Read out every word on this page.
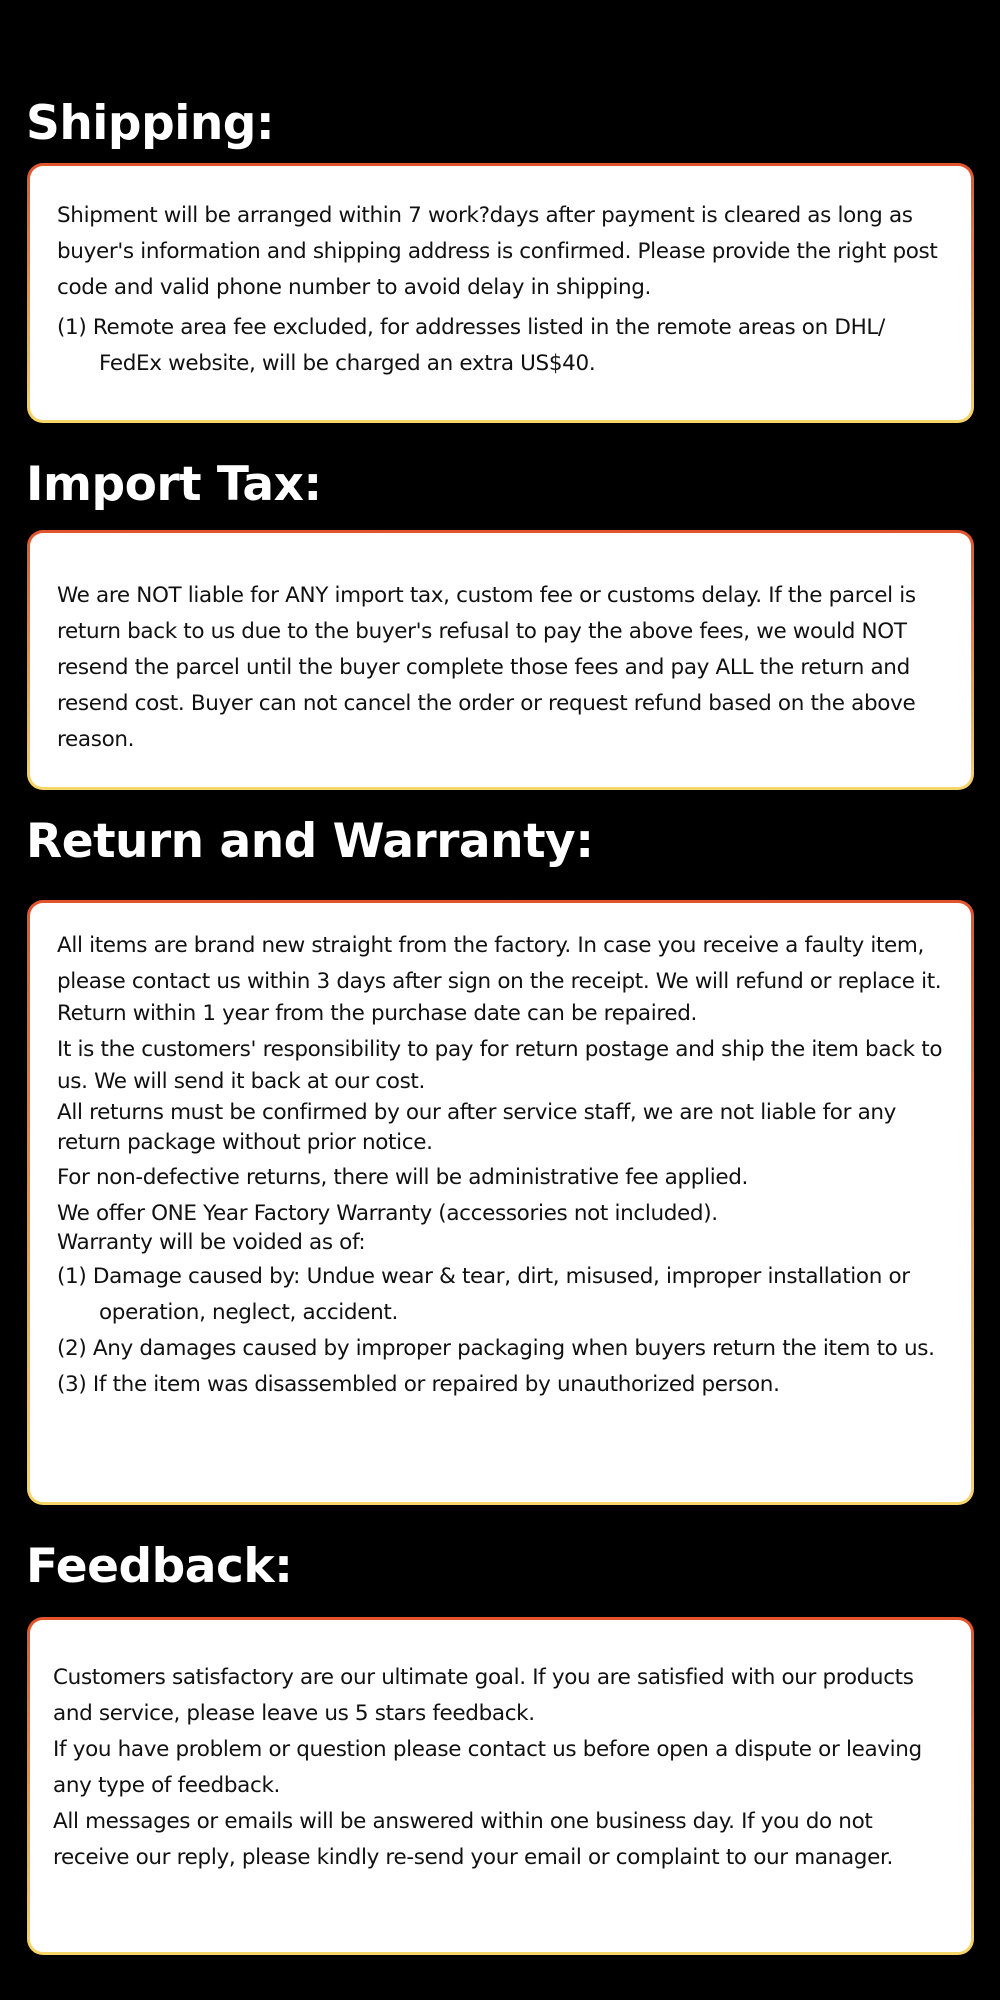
Shipping:

Shipment will be arranged within 7 work?days after payment is cleared as long as buyer's information and shipping address is confirmed. Please provide the right post code and valid phone number to avoid delay in shipping.

(1) Remote area fee excluded, for addresses listed in the remote areas on DHL/ FedEx website, will be charged an extra US$40.

Import Tax:

We are NOT liable for ANY import tax, custom fee or customs delay. If the parcel is return back to us due to the buyer's refusal to pay the above fees, we would NOT resend the parcel until the buyer complete those fees and pay ALL the return and resend cost. Buyer can not cancel the order or request refund based on the above reason.

Return and Warranty:

All items are brand new straight from the factory. In case you receive a faulty item, please contact us within 3 days after sign on the receipt. We will refund or replace it.

Return within 1 year from the purchase date can be repaired.

It is the customers' responsibility to pay for return postage and ship the item back to us. We will send it back at our cost.

All returns must be confirmed by our after service staff, we are not liable for any return package without prior notice.

For non-defective returns, there will be administrative fee applied.

We offer ONE Year Factory Warranty (accessories not included).

Warranty will be voided as of:

(1) Damage caused by: Undue wear & tear, dirt, misused, improper installation or operation, neglect, accident.

(2) Any damages caused by improper packaging when buyers return the item to us.

(3) If the item was disassembled or repaired by unauthorized person.

Feedback:

Customers satisfactory are our ultimate goal. If you are satisfied with our products and service, please leave us 5 stars feedback.

If you have problem or question please contact us before open a dispute or leaving any type of feedback.

All messages or emails will be answered within one business day. If you do not receive our reply, please kindly re-send your email or complaint to our manager.
